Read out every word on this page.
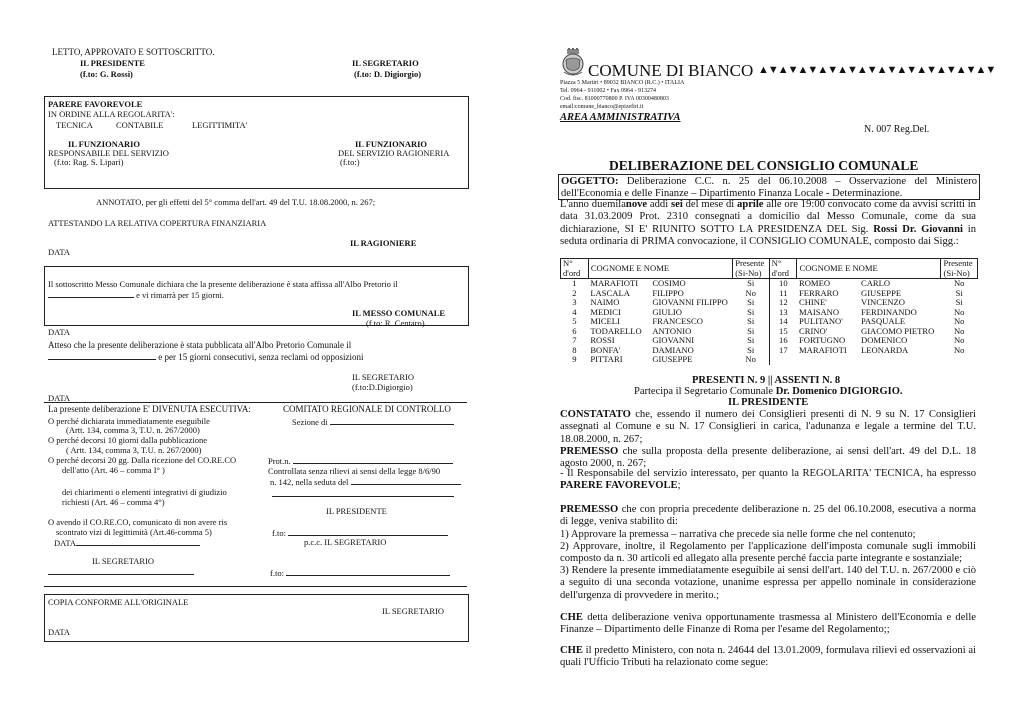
LETTO, APPROVATO E SOTTOSCRITTO.
IL PRESIDENTE
(f.to: G. Rossi)
IL SEGRETARIO
(f.to: D. Digiorgio)
PARERE FAVOREVOLE
IN ORDINE ALLA REGOLARITA':
TECNICA	CONTABILE	LEGITTIMITA'
IL FUNZIONARIO
RESPONSABILE DEL SERVIZIO
(f.to: Rag. S. Lipari)
IL FUNZIONARIO
DEL SERVIZIO RAGIONERIA
(f.to:)
ANNOTATO, per gli effetti del 5° comma dell'art. 49 del T.U. 18.08.2000, n. 267;
ATTESTANDO LA RELATIVA COPERTURA FINANZIARIA
IL RAGIONIERE
DATA
Il sottoscritto Messo Comunale dichiara che la presente deliberazione è stata affissa all'Albo Pretorio il
e vi rimarrà per 15 giorni.
IL MESSO COMUNALE
(f.to: R. Centaro)
DATA
Atteso che la presente deliberazione è stata pubblicata all'Albo Pretorio Comunale il
e per 15 giorni consecutivi, senza reclami od opposizioni
IL SEGRETARIO
(f.to:D.Digiorgio)
DATA
La presente deliberazione E' DIVENUTA ESECUTIVA:	COMITATO REGIONALE DI CONTROLLO
O perché dichiarata immediatamente eseguibile	Sezione di
(Artt. 134, comma 3, T.U. n. 267/2000)
O perché decorsi 10 giorni dalla pubblicazione
( Artt. 134, comma 3, T.U. n. 267/2000)
O perché decorsi 20 gg. Dalla ricezione del CO.RE.CO	Prot.n.
dell'atto (Art. 46 – comma I° )	Controllata senza rilievi ai sensi della legge 8/6/90
n. 142, nella seduta del
dei chiarimenti o elementi integrativi di giudizio
richiesti (Art. 46 – comma 4°)
IL PRESIDENTE
O avendo il CO.RE.CO, comunicato di non avere ris
scontrato vizi di legittimità (Art.46-comma 5)	f.to:
DATA	p.c.c. IL SEGRETARIO
IL SEGRETARIO
f.to:
COPIA CONFORME ALL'ORIGINALE
IL SEGRETARIO
DATA
COMUNE DI BIANCO ▲▼▲▼▲▼▲▼▲▼▲▼▲▼▲▼▲▼▲▼▲▼▲▼
Piazza 5 Martiri • 89032 BIANCO (R.C.) • ITALIA
Tel. 0964 - 911002 • Fax 0964 - 913274
Cod. fisc. 81000770800 P. IVA 00300480803
email:comune_bianco@epizefiri.it
AREA AMMINISTRATIVA
N. 007 Reg.Del.
DELIBERAZIONE DEL CONSIGLIO COMUNALE
OGGETTO: Deliberazione C.C. n. 25 del 06.10.2008 – Osservazione del Ministero dell'Economia e delle Finanze – Dipartimento Finanza Locale - Determinazione.
L'anno duemilanove addì sei del mese di aprile alle ore 19:00 convocato come da avvisi scritti in data 31.03.2009 Prot. 2310 consegnati a domicilio dal Messo Comunale, come da sua dichiarazione, SI E' RIUNITO SOTTO LA PRESIDENZA DEL Sig. Rossi Dr. Giovanni in seduta ordinaria di PRIMA convocazione, il CONSIGLIO COMUNALE, composto dai Sigg.:
N° d'ord	COGNOME E NOME	Presente (Si-No)	N° d'ord	COGNOME E NOME	Presente (Si-No)
1	MARAFIOTI COSIMO	Si	10	ROMEO CARLO	No
2	LASCALA FILIPPO	No	11	FERRARO GIUSEPPE	Si
3	NAIMO GIOVANNI FILIPPO	Si	12	CHINE' VINCENZO	Si
4	MEDICI GIULIO	Si	13	MAISANO FERDINANDO	No
5	MICELI FRANCESCO	Si	14	PULITANO' PASQUALE	No
6	TODARELLO ANTONIO	Si	15	CRINO' GIACOMO PIETRO	No
7	ROSSI GIOVANNI	Si	16	FORTUGNO DOMENICO	No
8	BONFA' DAMIANO	Si	17	MARAFIOTI LEONARDA	No
9	PITTARI GIUSEPPE	No			
PRESENTI N. 9 || ASSENTI N. 8
Partecipa il Segretario Comunale Dr. Domenico DIGIORGIO.
IL PRESIDENTE
CONSTATATO che, essendo il numero dei Consiglieri presenti di N. 9 su N. 17 Consiglieri assegnati al Comune e su N. 17 Consiglieri in carica, l'adunanza e legale a termine del T.U. 18.08.2000, n. 267;
PREMESSO che sulla proposta della presente deliberazione, ai sensi dell'art. 49 del D.L. 18 agosto 2000, n. 267;
- Il Responsabile del servizio interessato, per quanto la REGOLARITA' TECNICA, ha espresso PARERE FAVOREVOLE;
PREMESSO che con propria precedente deliberazione n. 25 del 06.10.2008, esecutiva a norma di legge, veniva stabilito di:
1) Approvare la premessa – narrativa che precede sia nelle forme che nel contenuto;
2) Approvare, inoltre, il Regolamento per l'applicazione dell'imposta comunale sugli immobili composto da n. 30 articoli ed allegato alla presente perché faccia parte integrante e sostanziale;
3) Rendere la presente immediatamente eseguibile ai sensi dell'art. 140 del T.U. n. 267/2000 e ciò a seguito di una seconda votazione, unanime espressa per appello nominale in considerazione dell'urgenza di provvedere in merito.;
CHE detta deliberazione veniva opportunamente trasmessa al Ministero dell'Economia e delle Finanze – Dipartimento delle Finanze di Roma per l'esame del Regolamento;;
CHE il predetto Ministero, con nota n. 24644 del 13.01.2009, formulava rilievi ed osservazioni ai quali l'Ufficio Tributi ha relazionato come segue:
